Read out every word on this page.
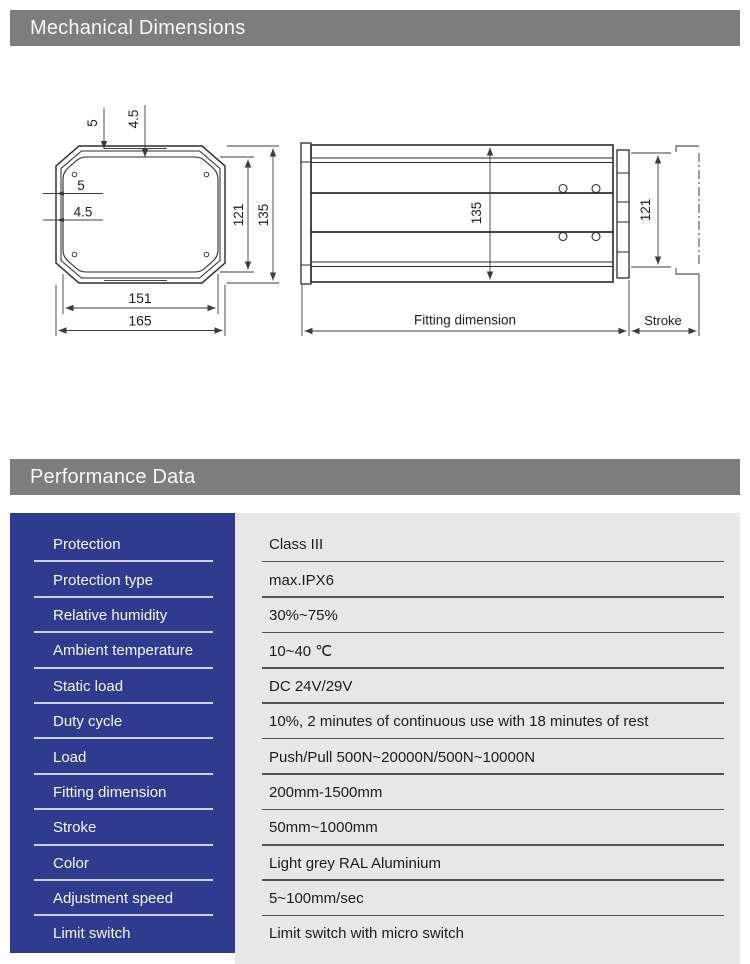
Mechanical Dimensions
5 4.5
5
4.5	121 135
151
165
135	121
Fitting dimension	Stroke
Performance Data
Protection	Class III
Protection type	max.IPX6
Relative humidity	30%~75%
Ambient temperature	10~40 ℃
Static load	DC 24V/29V
Duty cycle	10%, 2 minutes of continuous use with 18 minutes of rest
Load	Push/Pull 500N~20000N/500N~10000N
Fitting dimension	200mm-1500mm
Stroke	50mm~1000mm
Color	Light grey RAL Aluminium
Adjustment speed	5~100mm/sec
Limit switch	Limit switch with micro switch
